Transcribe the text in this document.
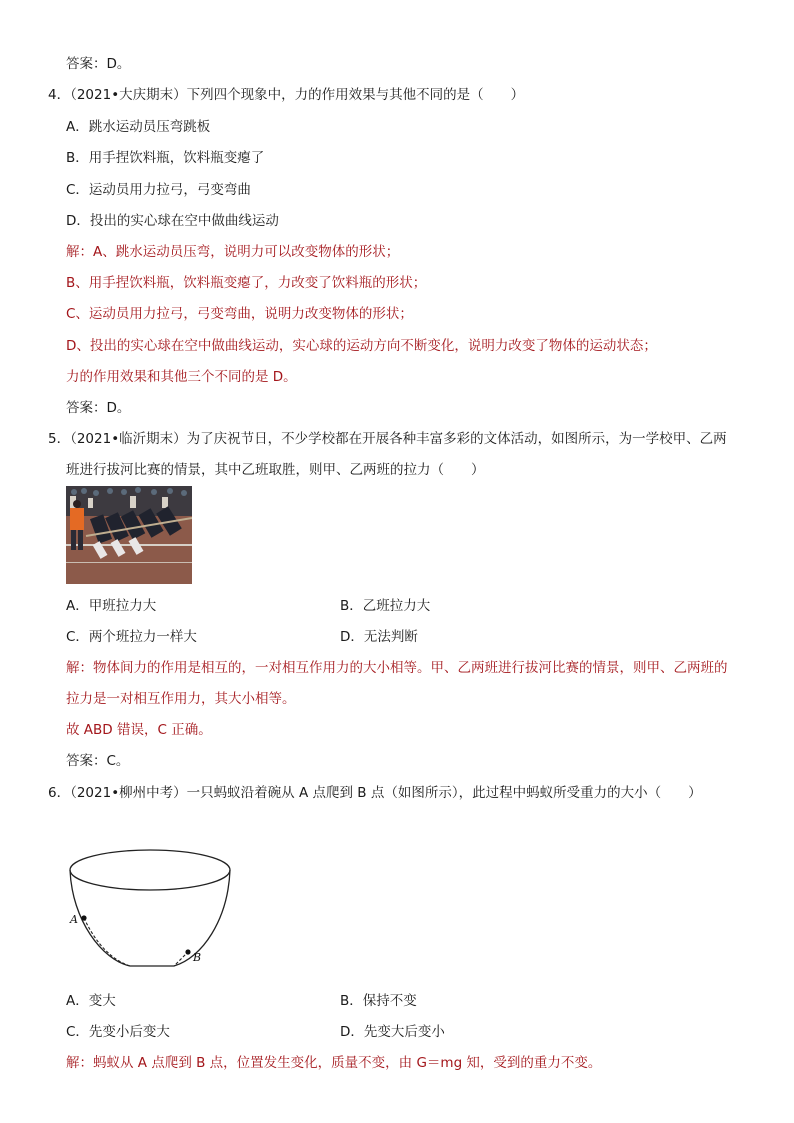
答案：D。
4．（2021•大庆期末）下列四个现象中，力的作用效果与其他不同的是（　　）
A．跳水运动员压弯跳板
B．用手捏饮料瓶，饮料瓶变瘪了
C．运动员用力拉弓，弓变弯曲
D．投出的实心球在空中做曲线运动
解：A、跳水运动员压弯，说明力可以改变物体的形状；
B、用手捏饮料瓶，饮料瓶变瘪了，力改变了饮料瓶的形状；
C、运动员用力拉弓，弓变弯曲，说明力改变物体的形状；
D、投出的实心球在空中做曲线运动，实心球的运动方向不断变化，说明力改变了物体的运动状态；
力的作用效果和其他三个不同的是 D。
答案：D。
5．（2021•临沂期末）为了庆祝节日，不少学校都在开展各种丰富多彩的文体活动，如图所示，为一学校甲、乙两
班进行拔河比赛的情景，其中乙班取胜，则甲、乙两班的拉力（　　）
A．甲班拉力大	B．乙班拉力大
C．两个班拉力一样大	D．无法判断
解：物体间力的作用是相互的，一对相互作用力的大小相等。甲、乙两班进行拔河比赛的情景，则甲、乙两班的
拉力是一对相互作用力，其大小相等。
故 ABD 错误，C 正确。
答案：C。
6．（2021•柳州中考）一只蚂蚁沿着碗从 A 点爬到 B 点（如图所示），此过程中蚂蚁所受重力的大小（　　）
A
B
A．变大	B．保持不变
C．先变小后变大	D．先变大后变小
解：蚂蚁从 A 点爬到 B 点，位置发生变化，质量不变，由 G＝mg 知，受到的重力不变。
